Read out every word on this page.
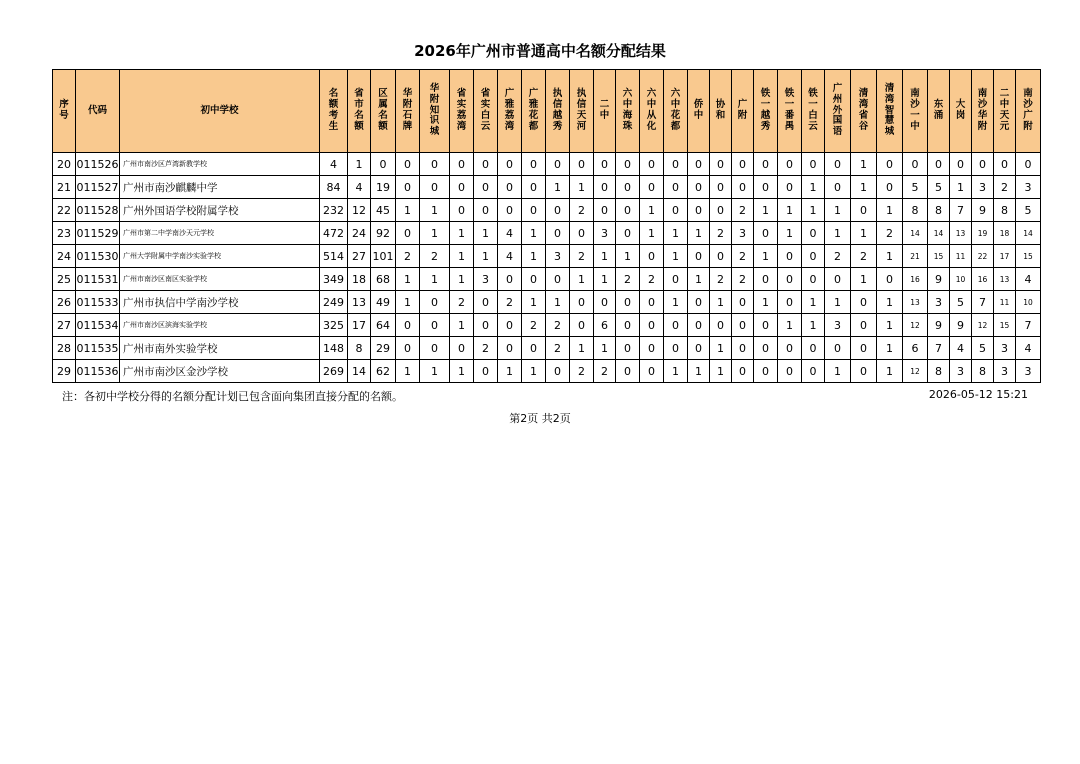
2026年广州市普通高中名额分配结果
序号	代码	初中学校	名额考生	省市名额	区属名额	华附石牌	华附知识城	省实荔湾	省实白云	广雅荔湾	广雅花都	执信越秀	执信天河	二中	六中海珠	六中从化	六中花都	侨中	协和	广附	铁一越秀	铁一番禺	铁一白云	广州外国语	清湾省谷	清湾智慧城	南沙一中	东涌	大岗	南沙华附	二中天元	南沙广附
20	011526	广州市南沙区芦湾新教学校	4	1	0	0	0	0	0	0	0	0	0	0	0	0	0	0	0	0	0	0	0	0	1	0	0	0	0	0	0	0
21	011527	广州市南沙麒麟中学	84	4	19	0	0	0	0	0	0	1	1	0	0	0	0	0	0	0	0	0	1	0	1	0	5	5	1	3	2	3
22	011528	广州外国语学校附属学校	232	12	45	1	1	0	0	0	0	0	2	0	0	1	0	0	0	2	1	1	1	1	0	1	8	8	7	9	8	5
23	011529	广州市第二中学南沙天元学校	472	24	92	0	1	1	1	4	1	0	0	3	0	1	1	1	2	3	0	1	0	1	1	2	14	14	13	19	18	14
24	011530	广州大学附属中学南沙实验学校	514	27	101	2	2	1	1	4	1	3	2	1	1	0	1	0	0	2	1	0	0	2	2	1	21	15	11	22	17	15
25	011531	广州市南沙区南区实验学校	349	18	68	1	1	1	3	0	0	0	1	1	2	2	0	1	2	2	0	0	0	0	1	0	16	9	10	16	13	4
26	011533	广州市执信中学南沙学校	249	13	49	1	0	2	0	2	1	1	0	0	0	0	1	0	1	0	1	0	1	1	0	1	13	3	5	7	11	10
27	011534	广州市南沙区滨海实验学校	325	17	64	0	0	1	0	0	2	2	0	6	0	0	0	0	0	0	0	1	1	3	0	1	12	9	9	12	15	7
28	011535	广州市南外实验学校	148	8	29	0	0	0	2	0	0	2	1	1	0	0	0	0	1	0	0	0	0	0	0	1	6	7	4	5	3	4
29	011536	广州市南沙区金沙学校	269	14	62	1	1	1	0	1	1	0	2	2	0	0	1	1	1	0	0	0	0	1	0	1	12	8	3	8	3	3
注：各初中学校分得的名额分配计划已包含面向集团直接分配的名额。	2026-05-12 15:21
第2页 共2页
